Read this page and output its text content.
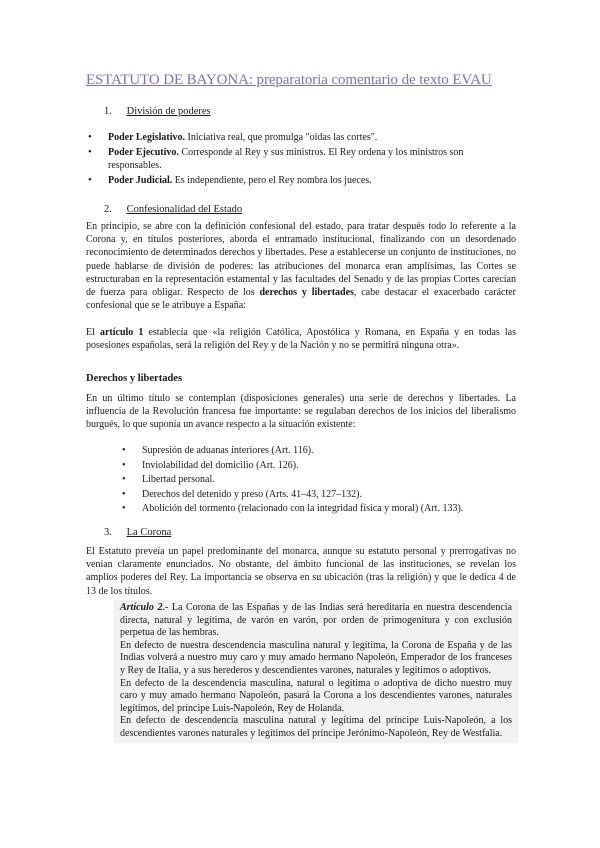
ESTATUTO DE BAYONA: preparatoria comentario de texto EVAU
1. División de poderes
• Poder Legislativo. Iniciativa real, que promulga "oídas las cortes".
• Poder Ejecutivo. Corresponde al Rey y sus ministros. El Rey ordena y los ministros son responsables.
• Poder Judicial. Es independiente, pero el Rey nombra los jueces.
2. Confesionalidad del Estado

En principio, se abre con la definición confesional del estado, para tratar después todo lo referente a la Corona y, en títulos posteriores, aborda el entramado institucional, finalizando con un desordenado reconocimiento de determinados derechos y libertades. Pese a establecerse un conjunto de instituciones, no puede hablarse de división de poderes: las atribuciones del monarca eran amplísimas, las Cortes se estructuraban en la representación estamental y las facultades del Senado y de las propias Cortes carecían de fuerza para obligar. Respecto de los derechos y libertades, cabe destacar el exacerbado carácter confesional que se le atribuye a España:

El artículo 1 establecía que «la religión Católica, Apostólica y Romana, en España y en todas las posesiones españolas, será la religión del Rey y de la Nación y no se permitirá ninguna otra».

Derechos y libertades

En un último título se contemplan (disposiciones generales) una serie de derechos y libertades. La influencia de la Revolución francesa fue importante: se regulaban derechos de los inicios del liberalismo burgués, lo que suponía un avance respecto a la situación existente:

• Supresión de aduanas interiores (Art. 116).
• Inviolabilidad del domicilio (Art. 126).
• Libertad personal.
• Derechos del detenido y preso (Arts. 41–43, 127–132).
• Abolición del tormento (relacionado con la integridad física y moral) (Art. 133).
3. La Corona

El Estatuto preveía un papel predominante del monarca, aunque su estatuto personal y prerrogativas no venían claramente enunciados. No obstante, del ámbito funcional de las instituciones, se revelan los amplios poderes del Rey. La importancia se observa en su ubicación (tras la religión) y que le dedica 4 de 13 de los títulos.

Artículo 2.- La Corona de las Españas y de las Indias será hereditaria en nuestra descendencia directa, natural y legítima, de varón en varón, por orden de primogenitura y con exclusión perpetua de las hembras.

En defecto de nuestra descendencia masculina natural y legítima, la Corona de España y de las Indias volverá a nuestro muy caro y muy amado hermano Napoleón, Emperador de los franceses y Rey de Italia, y a sus herederos y descendientes varones, naturales y legítimos o adoptivos.

En defecto de la descendencia masculina, natural o legítima o adoptiva de dicho nuestro muy caro y muy amado hermano Napoleón, pasará la Corona a los descendientes varones, naturales legítimos, del príncipe Luis-Napoleón, Rey de Holanda.

En defecto de descendencia masculina natural y legítima del príncipe Luis-Napoleón, a los descendientes varones naturales y legítimos del príncipe Jerónimo-Napoleón, Rey de Westfalia.
